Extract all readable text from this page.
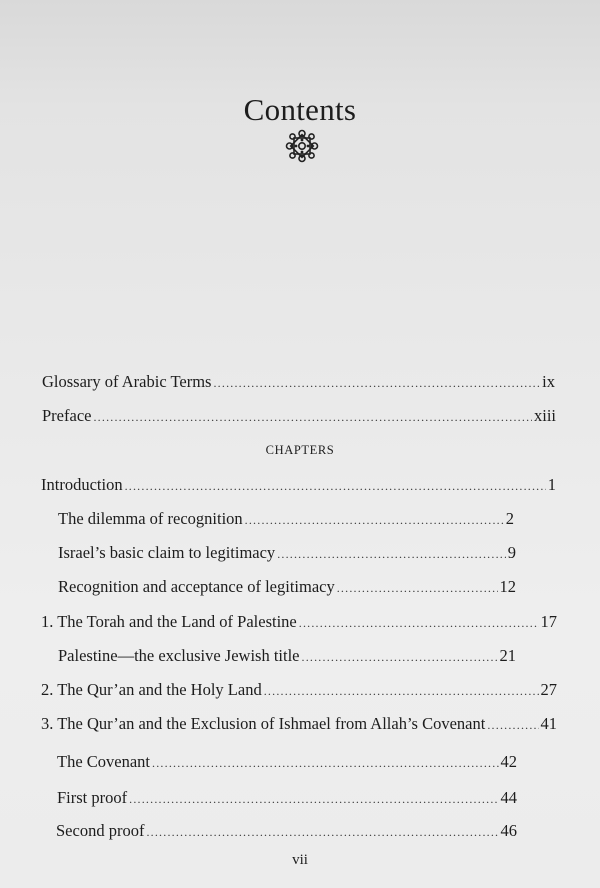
Contents
Glossary of Arabic Terms .....	ix
Preface .....	xiii
CHAPTERS
Introduction .....	1
The dilemma of recognition .....	2
Israel’s basic claim to legitimacy .....	9
Recognition and acceptance of legitimacy .....	12
1. The Torah and the Land of Palestine .....	17
Palestine—the exclusive Jewish title .....	21
2. The Qur’an and the Holy Land .....	27
3. The Qur’an and the Exclusion of Ishmael from Allah’s Covenant .....	41
The Covenant .....	42
First proof .....	44
Second proof .....	46
vii
